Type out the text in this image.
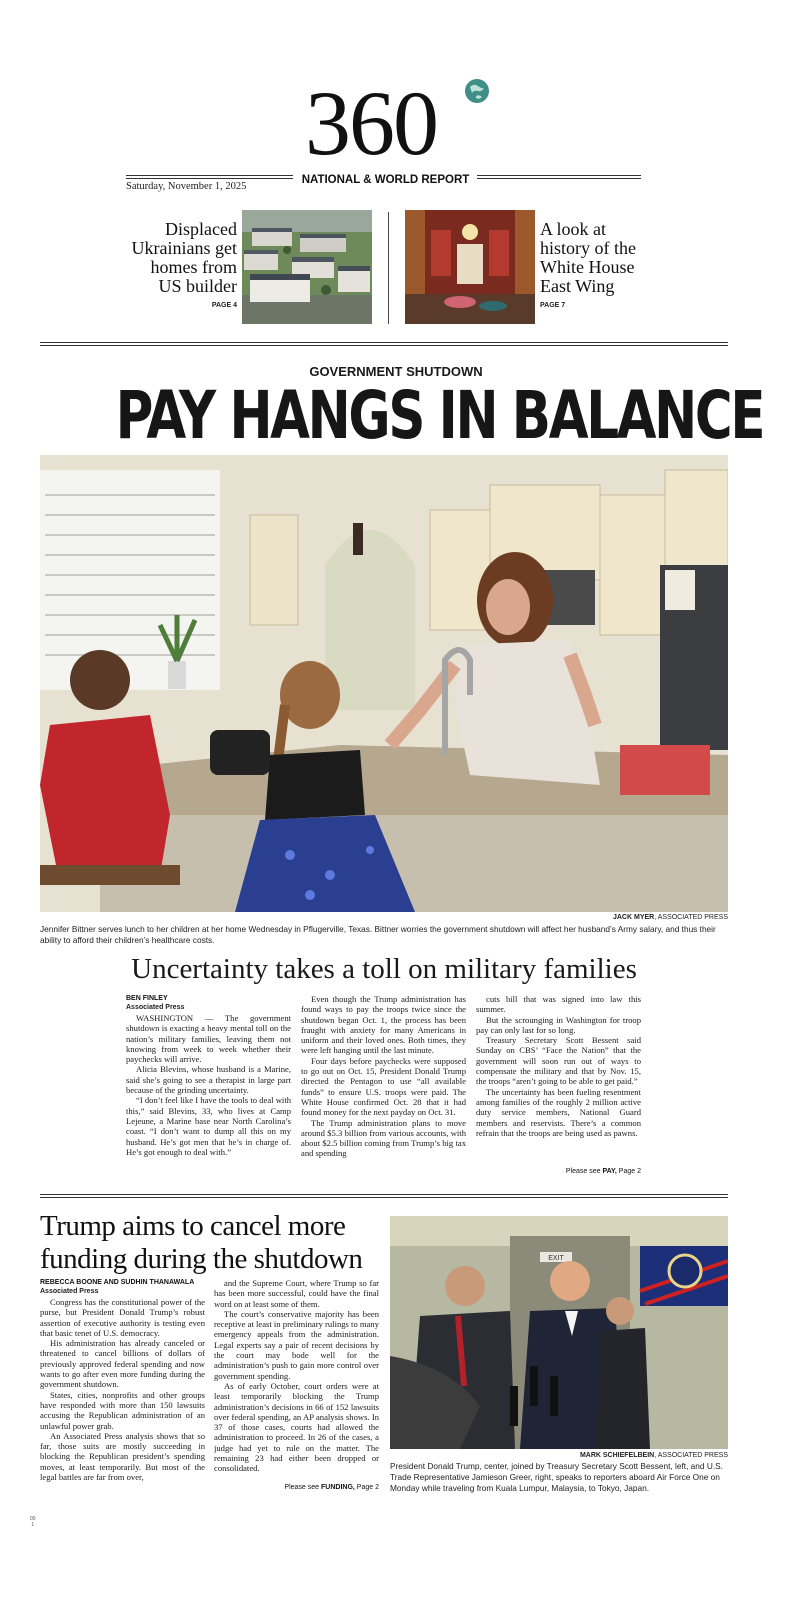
360
NATIONAL & WORLD REPORT
Saturday, November 1, 2025
Displaced
Ukrainians get
homes from
US builder
PAGE 4
A look at
history of the
White House
East Wing
PAGE 7
GOVERNMENT SHUTDOWN
PAY HANGS IN BALANCE
JACK MYER, ASSOCIATED PRESS
Jennifer Bittner serves lunch to her children at her home Wednesday in Pflugerville, Texas. Bittner worries the government shutdown will affect her husband’s Army salary, and thus their ability to afford their children’s healthcare costs.
Uncertainty takes a toll on military families
BEN FINLEY
Associated Press

WASHINGTON — The government shutdown is exacting a heavy mental toll on the nation’s military families, leaving them not knowing from week to week whether their paychecks will arrive.

Alicia Blevins, whose husband is a Marine, said she’s going to see a therapist in large part because of the grinding uncertainty.

“I don’t feel like I have the tools to deal with this,” said Blevins, 33, who lives at Camp Lejeune, a Marine base near North Carolina’s coast. “I don’t want to dump all this on my husband. He’s got men that he’s in charge of. He’s got enough to deal with.”

Even though the Trump administration has found ways to pay the troops twice since the shutdown began Oct. 1, the process has been fraught with anxiety for many Americans in uniform and their loved ones. Both times, they were left hanging until the last minute.

Four days before paychecks were supposed to go out on Oct. 15, President Donald Trump directed the Pentagon to use “all available funds” to ensure U.S. troops were paid. The White House confirmed Oct. 28 that it had found money for the next payday on Oct. 31.

The Trump administration plans to move around $5.3 billion from various accounts, with about $2.5 billion coming from Trump’s big tax and spending

cuts bill that was signed into law this summer.

But the scrounging in Washington for troop pay can only last for so long.

Treasury Secretary Scott Bessent said Sunday on CBS’ “Face the Nation” that the government will soon run out of ways to compensate the military and that by Nov. 15, the troops “aren’t going to be able to get paid.”

The uncertainty has been fueling resentment among families of the roughly 2 million active duty service members, National Guard members and reservists. There’s a common refrain that the troops are being used as pawns.

Please see PAY, Page 2
Trump aims to cancel more funding during the shutdown
REBECCA BOONE AND SUDHIN THANAWALA
Associated Press

Congress has the constitutional power of the purse, but President Donald Trump’s robust assertion of executive authority is testing even that basic tenet of U.S. democracy.

His administration has already canceled or threatened to cancel billions of dollars of previously approved federal spending and now wants to go after even more funding during the government shutdown.

States, cities, nonprofits and other groups have responded with more than 150 lawsuits accusing the Republican administration of an unlawful power grab.

An Associated Press analysis shows that so far, those suits are mostly succeeding in blocking the Republican president’s spending moves, at least temporarily. But most of the legal battles are far from over,

and the Supreme Court, where Trump so far has been more successful, could have the final word on at least some of them.

The court’s conservative majority has been receptive at least in preliminary rulings to many emergency appeals from the administration. Legal experts say a pair of recent decisions by the court may bode well for the administration’s push to gain more control over government spending.

As of early October, court orders were at least temporarily blocking the Trump administration’s decisions in 66 of 152 lawsuits over federal spending, an AP analysis shows. In 37 of those cases, courts had allowed the administration to proceed. In 26 of the cases, a judge had yet to rule on the matter. The remaining 23 had either been dropped or consolidated.

Please see FUNDING, Page 2
EXIT
MARK SCHIEFELBEIN, ASSOCIATED PRESS
President Donald Trump, center, joined by Treasury Secretary Scott Bessent, left, and U.S. Trade Representative Jamieson Greer, right, speaks to reporters aboard Air Force One on Monday while traveling from Kuala Lumpur, Malaysia, to Tokyo, Japan.
00
1
